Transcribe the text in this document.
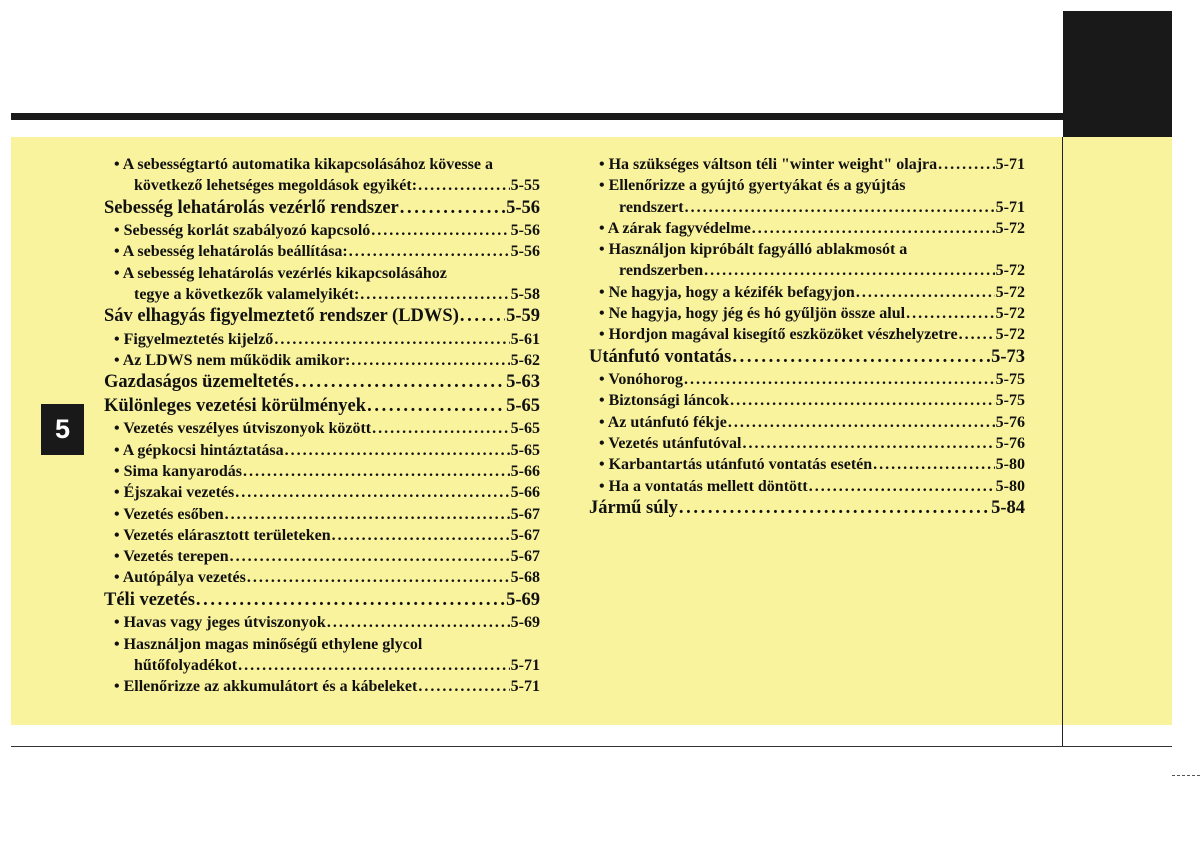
5
• A sebességtartó automatika kikapcsolásához kövesse a
következő lehetséges megoldások egyikét: . . .	5-55
Sebesség lehatárolás vezérlő rendszer . . .	5-56
• Sebesség korlát szabályozó kapcsoló . . .	5-56
• A sebesség lehatárolás beállítása: . . .	5-56
• A sebesség lehatárolás vezérlés kikapcsolásához
tegye a következők valamelyikét: . . .	5-58
Sáv elhagyás figyelmeztető rendszer (LDWS) . . .	5-59
• Figyelmeztetés kijelző . . .	5-61
• Az LDWS nem működik amikor: . . .	5-62
Gazdaságos üzemeltetés . . .	5-63
Különleges vezetési körülmények . . .	5-65
• Vezetés veszélyes útviszonyok között . . .	5-65
• A gépkocsi hintáztatása . . .	5-65
• Sima kanyarodás . . .	5-66
• Éjszakai vezetés . . .	5-66
• Vezetés esőben . . .	5-67
• Vezetés elárasztott területeken . . .	5-67
• Vezetés terepen . . .	5-67
• Autópálya vezetés . . .	5-68
Téli vezetés . . .	5-69
• Havas vagy jeges útviszonyok . . .	5-69
• Használjon magas minőségű ethylene glycol
hűtőfolyadékot . . .	5-71
• Ellenőrizze az akkumulátort és a kábeleket . . .	5-71
• Ha szükséges váltson téli "winter weight" olajra . . .	5-71
• Ellenőrizze a gyújtó gyertyákat és a gyújtás
rendszert . . .	5-71
• A zárak fagyvédelme . . .	5-72
• Használjon kipróbált fagyálló ablakmosót a
rendszerben . . .	5-72
• Ne hagyja, hogy a kézifék befagyjon . . .	5-72
• Ne hagyja, hogy jég és hó gyűljön össze alul . . .	5-72
• Hordjon magával kisegítő eszközöket vészhelyzetre . . . 5-72
Utánfutó vontatás . . .	5-73
• Vonóhorog . . .	5-75
• Biztonsági láncok . . .	5-75
• Az utánfutó fékje . . .	5-76
• Vezetés utánfutóval . . .	5-76
• Karbantartás utánfutó vontatás esetén . . .	5-80
• Ha a vontatás mellett döntött . . .	5-80
Jármű súly . . .	5-84
